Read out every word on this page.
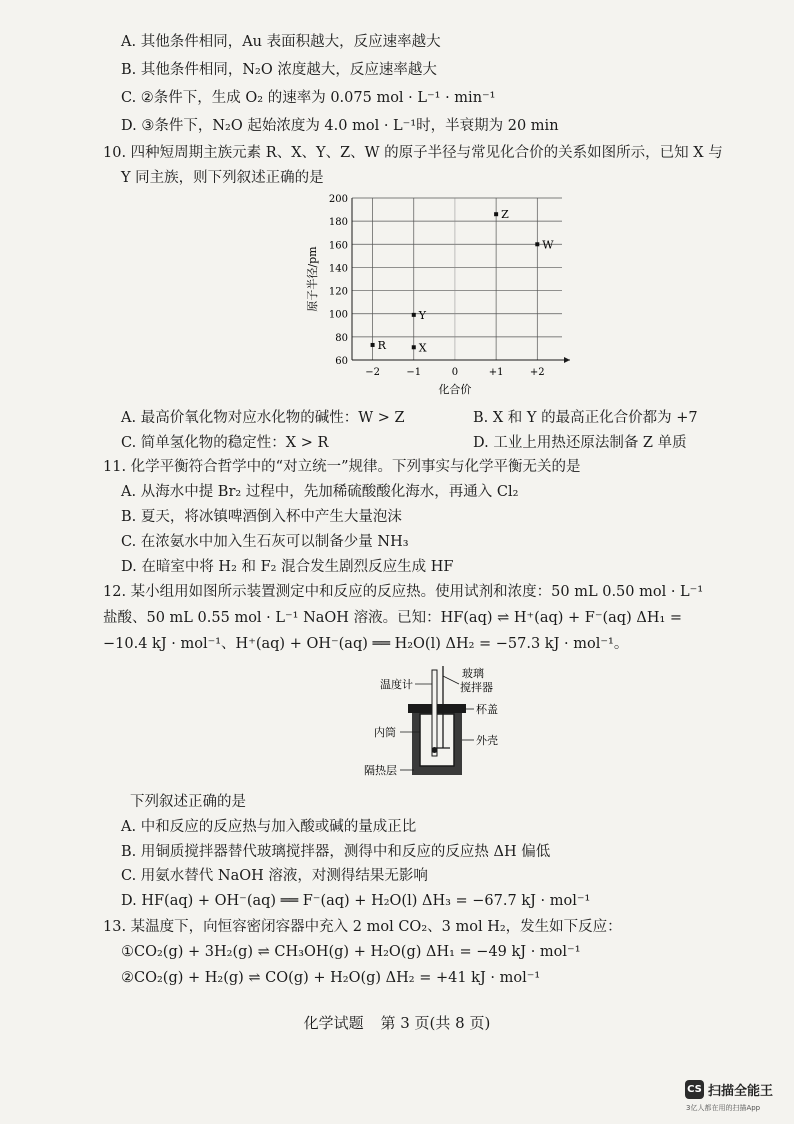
A. 其他条件相同，Au 表面积越大，反应速率越大
B. 其他条件相同，N₂O 浓度越大，反应速率越大
C. ②条件下，生成 O₂ 的速率为 0.075 mol · L⁻¹ · min⁻¹
D. ③条件下，N₂O 起始浓度为 4.0 mol · L⁻¹时，半衰期为 20 min
10. 四种短周期主族元素 R、X、Y、Z、W 的原子半径与常见化合价的关系如图所示，已知 X 与
Y 同主族，则下列叙述正确的是
60
80
100
120
140
160
180
200
−2	−1	0	+1	+2
R	X
Y
Z
W
化合价
原子半径/pm
A. 最高价氧化物对应水化物的碱性：W > Z	B. X 和 Y 的最高正化合价都为 +7
C. 简单氢化物的稳定性：X > R	D. 工业上用热还原法制备 Z 单质
11. 化学平衡符合哲学中的“对立统一”规律。下列事实与化学平衡无关的是
A. 从海水中提 Br₂ 过程中，先加稀硫酸酸化海水，再通入 Cl₂
B. 夏天，将冰镇啤酒倒入杯中产生大量泡沫
C. 在浓氨水中加入生石灰可以制备少量 NH₃
D. 在暗室中将 H₂ 和 F₂ 混合发生剧烈反应生成 HF
12. 某小组用如图所示装置测定中和反应的反应热。使用试剂和浓度：50 mL 0.50 mol · L⁻¹
盐酸、50 mL 0.55 mol · L⁻¹ NaOH 溶液。已知：HF(aq) ⇌ H⁺(aq) + F⁻(aq) ΔH₁ =
−10.4 kJ · mol⁻¹、H⁺(aq) + OH⁻(aq) ══ H₂O(l) ΔH₂ = −57.3 kJ · mol⁻¹。
温度计
玻璃
搅拌器
杯盖
内筒
外壳
隔热层
下列叙述正确的是
A. 中和反应的反应热与加入酸或碱的量成正比
B. 用铜质搅拌器替代玻璃搅拌器，测得中和反应的反应热 ΔH 偏低
C. 用氨水替代 NaOH 溶液，对测得结果无影响
D. HF(aq) + OH⁻(aq) ══ F⁻(aq) + H₂O(l) ΔH₃ = −67.7 kJ · mol⁻¹
13. 某温度下，向恒容密闭容器中充入 2 mol CO₂、3 mol H₂，发生如下反应：
①CO₂(g) + 3H₂(g) ⇌ CH₃OH(g) + H₂O(g) ΔH₁ = −49 kJ · mol⁻¹
②CO₂(g) + H₂(g) ⇌ CO(g) + H₂O(g) ΔH₂ = +41 kJ · mol⁻¹
化学试题 第 3 页(共 8 页)
CS 扫描全能王
3亿人都在用的扫描App
